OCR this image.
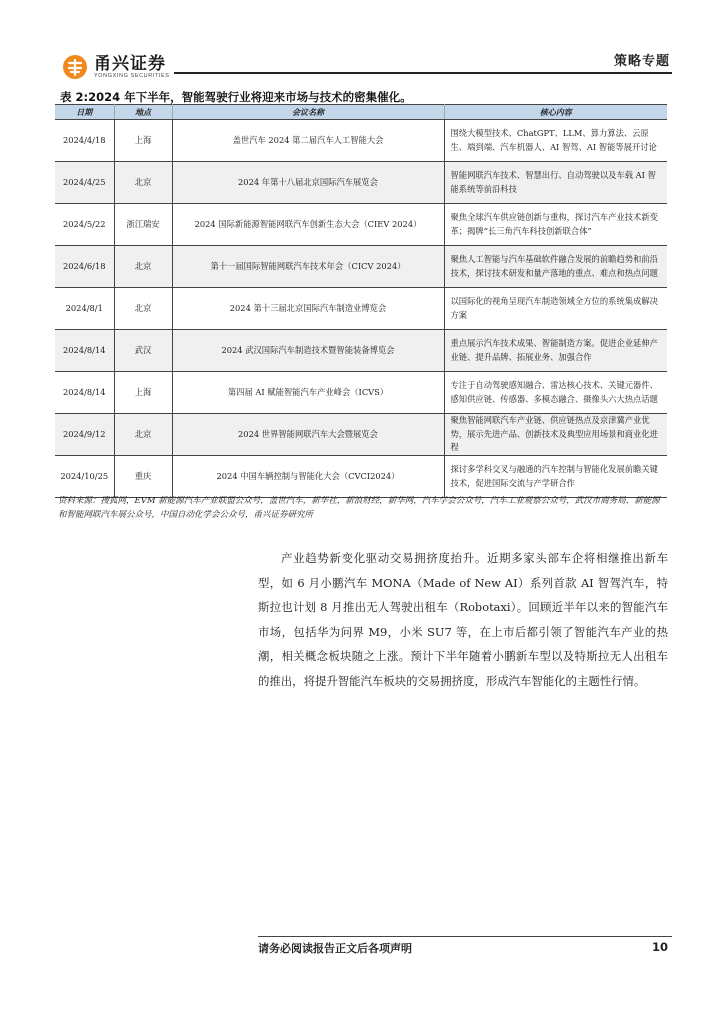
甬兴证券
YONGXING SECURITIES
策略专题
表 2:2024 年下半年，智能驾驶行业将迎来市场与技术的密集催化。
日期	地点	会议名称	核心内容
2024/4/18	上海	盖世汽车 2024 第二届汽车人工智能大会	围绕大模型技术、ChatGPT、LLM、算力算法、云原生、端到端、汽车机器人、AI 智驾、AI 智能等展开讨论
2024/4/25	北京	2024 年第十八届北京国际汽车展览会	智能网联汽车技术、智慧出行、自动驾驶以及车载 AI 智能系统等前沿科技
2024/5/22	浙江瑞安	2024 国际新能源智能网联汽车创新生态大会（CIEV 2024）	聚焦全球汽车供应链创新与重构，探讨汽车产业技术新变革；揭牌“长三角汽车科技创新联合体”
2024/6/18	北京	第十一届国际智能网联汽车技术年会（CICV 2024）	聚焦人工智能与汽车基础软件融合发展的前瞻趋势和前沿技术，探讨技术研发和量产落地的重点、难点和热点问题
2024/8/1	北京	2024 第十三届北京国际汽车制造业博览会	以国际化的视角呈现汽车制造领域全方位的系统集成解决方案
2024/8/14	武汉	2024 武汉国际汽车制造技术暨智能装备博览会	重点展示汽车技术成果、智能制造方案。促进企业延伸产业链、提升品牌、拓展业务、加强合作
2024/8/14	上海	第四届 AI 赋能智能汽车产业峰会（ICVS）	专注于自动驾驶感知融合、雷达核心技术、关键元器件、感知供应链、传感器、多模态融合、摄像头六大热点话题
2024/9/12	北京	2024 世界智能网联汽车大会暨展览会	聚焦智能网联汽车产业链、供应链热点及京津冀产业优势，展示先进产品、创新技术及典型应用场景和商业化进程
2024/10/25	重庆	2024 中国车辆控制与智能化大会（CVCI2024）	探讨多学科交叉与融通的汽车控制与智能化发展前瞻关键技术，促进国际交流与产学研合作
资料来源：搜狐网，EVM 新能源汽车产业联盟公众号，盖世汽车，新华社，新浪财经，新华网，汽车学会公众号，汽车工业观察公众号，武汉市商务局，新能源和智能网联汽车展公众号，中国自动化学会公众号，甬兴证券研究所
产业趋势新变化驱动交易拥挤度抬升。近期多家头部车企将相继推出新车型，如 6 月小鹏汽车 MONA（Made of New AI）系列首款 AI 智驾汽车，特斯拉也计划 8 月推出无人驾驶出租车（Robotaxi）。回顾近半年以来的智能汽车市场，包括华为问界 M9，小米 SU7 等，在上市后都引领了智能汽车产业的热潮，相关概念板块随之上涨。预计下半年随着小鹏新车型以及特斯拉无人出租车的推出，将提升智能汽车板块的交易拥挤度，形成汽车智能化的主题性行情。
请务必阅读报告正文后各项声明	10
